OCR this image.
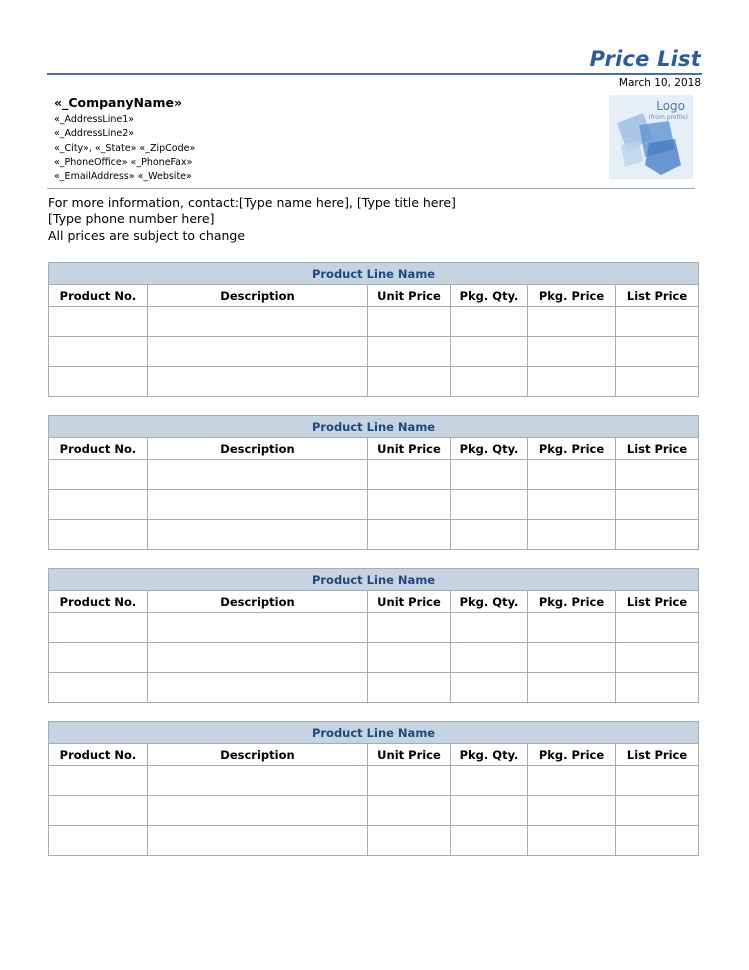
Price List
March 10, 2018
«_CompanyName»
«_AddressLine1»
«_AddressLine2»
«_City», «_State» «_ZipCode»
«_PhoneOffice» «_PhoneFax»
«_EmailAddress» «_Website»
Logo
(from profile)
For more information, contact:[Type name here], [Type title here]
[Type phone number here]
All prices are subject to change
Product Line Name					
Product No.	Description	Unit Price	Pkg. Qty.	Pkg. Price	List Price

Product Line Name					
Product No.	Description	Unit Price	Pkg. Qty.	Pkg. Price	List Price

Product Line Name					
Product No.	Description	Unit Price	Pkg. Qty.	Pkg. Price	List Price

Product Line Name					
Product No.	Description	Unit Price	Pkg. Qty.	Pkg. Price	List Price
